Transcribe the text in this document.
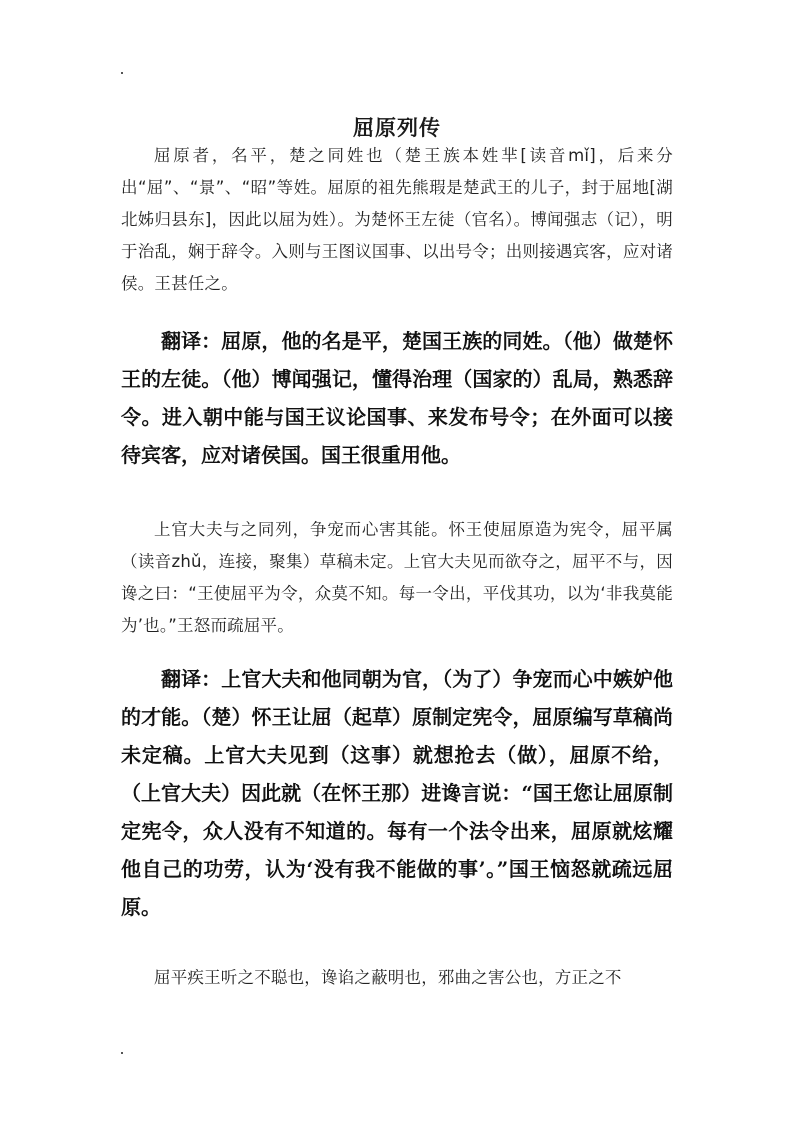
屈原列传

屈原者，名平，楚之同姓也（楚王族本姓芈[读音mǐ]，后来分出“屈”、“景”、“昭”等姓。屈原的祖先熊瑕是楚武王的儿子，封于屈地[湖北姊归县东]，因此以屈为姓）。为楚怀王左徒（官名）。博闻强志（记），明于治乱，娴于辞令。入则与王图议国事、以出号令；出则接遇宾客，应对诸侯。王甚任之。

翻译：屈原，他的名是平，楚国王族的同姓。（他）做楚怀王的左徒。（他）博闻强记，懂得治理（国家的）乱局，熟悉辞令。进入朝中能与国王议论国事、来发布号令；在外面可以接待宾客，应对诸侯国。国王很重用他。

上官大夫与之同列，争宠而心害其能。怀王使屈原造为宪令，屈平属（读音zhǔ，连接，聚集）草稿未定。上官大夫见而欲夺之，屈平不与，因谗之曰：“王使屈平为令，众莫不知。每一令出，平伐其功，以为‘非我莫能为’也。”王怒而疏屈平。

翻译：上官大夫和他同朝为官，（为了）争宠而心中嫉妒他的才能。（楚）怀王让屈（起草）原制定宪令，屈原编写草稿尚未定稿。上官大夫见到（这事）就想抢去（做），屈原不给，（上官大夫）因此就（在怀王那）进谗言说：“国王您让屈原制定宪令，众人没有不知道的。每有一个法令出来，屈原就炫耀他自己的功劳，认为‘没有我不能做的事’。”国王恼怒就疏远屈原。

屈平疾王听之不聪也，谗谄之蔽明也，邪曲之害公也，方正之不
